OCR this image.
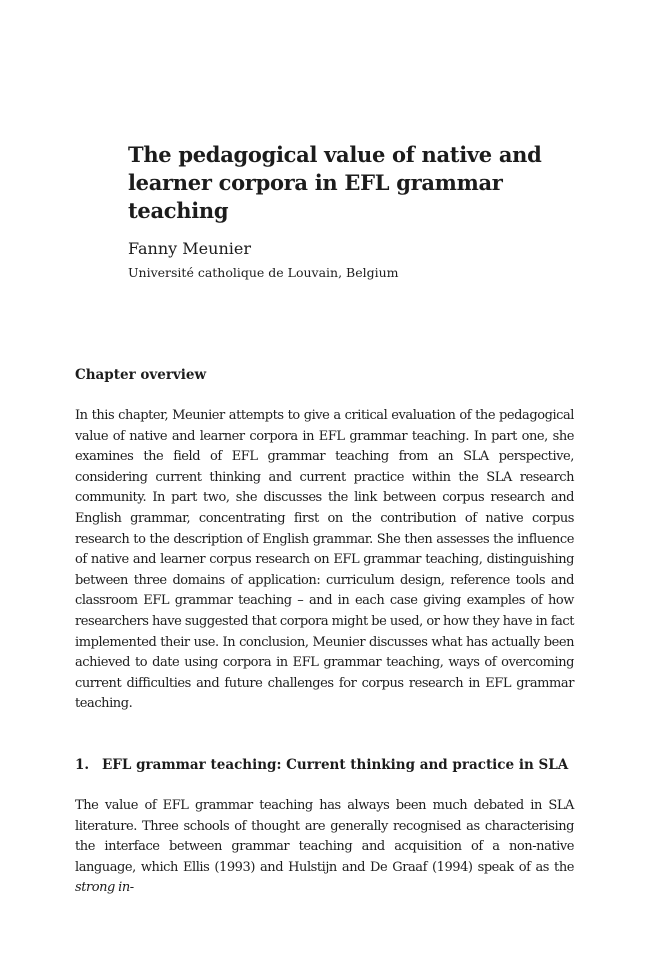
The pedagogical value of native and learner corpora in EFL grammar teaching

Fanny Meunier

Université catholique de Louvain, Belgium

Chapter overview

In this chapter, Meunier attempts to give a critical evaluation of the pedagogical value of native and learner corpora in EFL grammar teaching. In part one, she examines the field of EFL grammar teaching from an SLA perspective, considering current thinking and current practice within the SLA research community. In part two, she discusses the link between corpus research and English grammar, concentrating first on the contribution of native corpus research to the description of English grammar. She then assesses the influence of native and learner corpus research on EFL grammar teaching, distinguishing between three domains of application: curriculum design, reference tools and classroom EFL grammar teaching – and in each case giving examples of how researchers have suggested that corpora might be used, or how they have in fact implemented their use. In conclusion, Meunier discusses what has actually been achieved to date using corpora in EFL grammar teaching, ways of overcoming current difficulties and future challenges for corpus research in EFL grammar teaching.

1. EFL grammar teaching: Current thinking and practice in SLA

The value of EFL grammar teaching has always been much debated in SLA literature. Three schools of thought are generally recognised as characterising the interface between grammar teaching and acquisition of a non-native language, which Ellis (1993) and Hulstijn and De Graaf (1994) speak of as the strong in-
